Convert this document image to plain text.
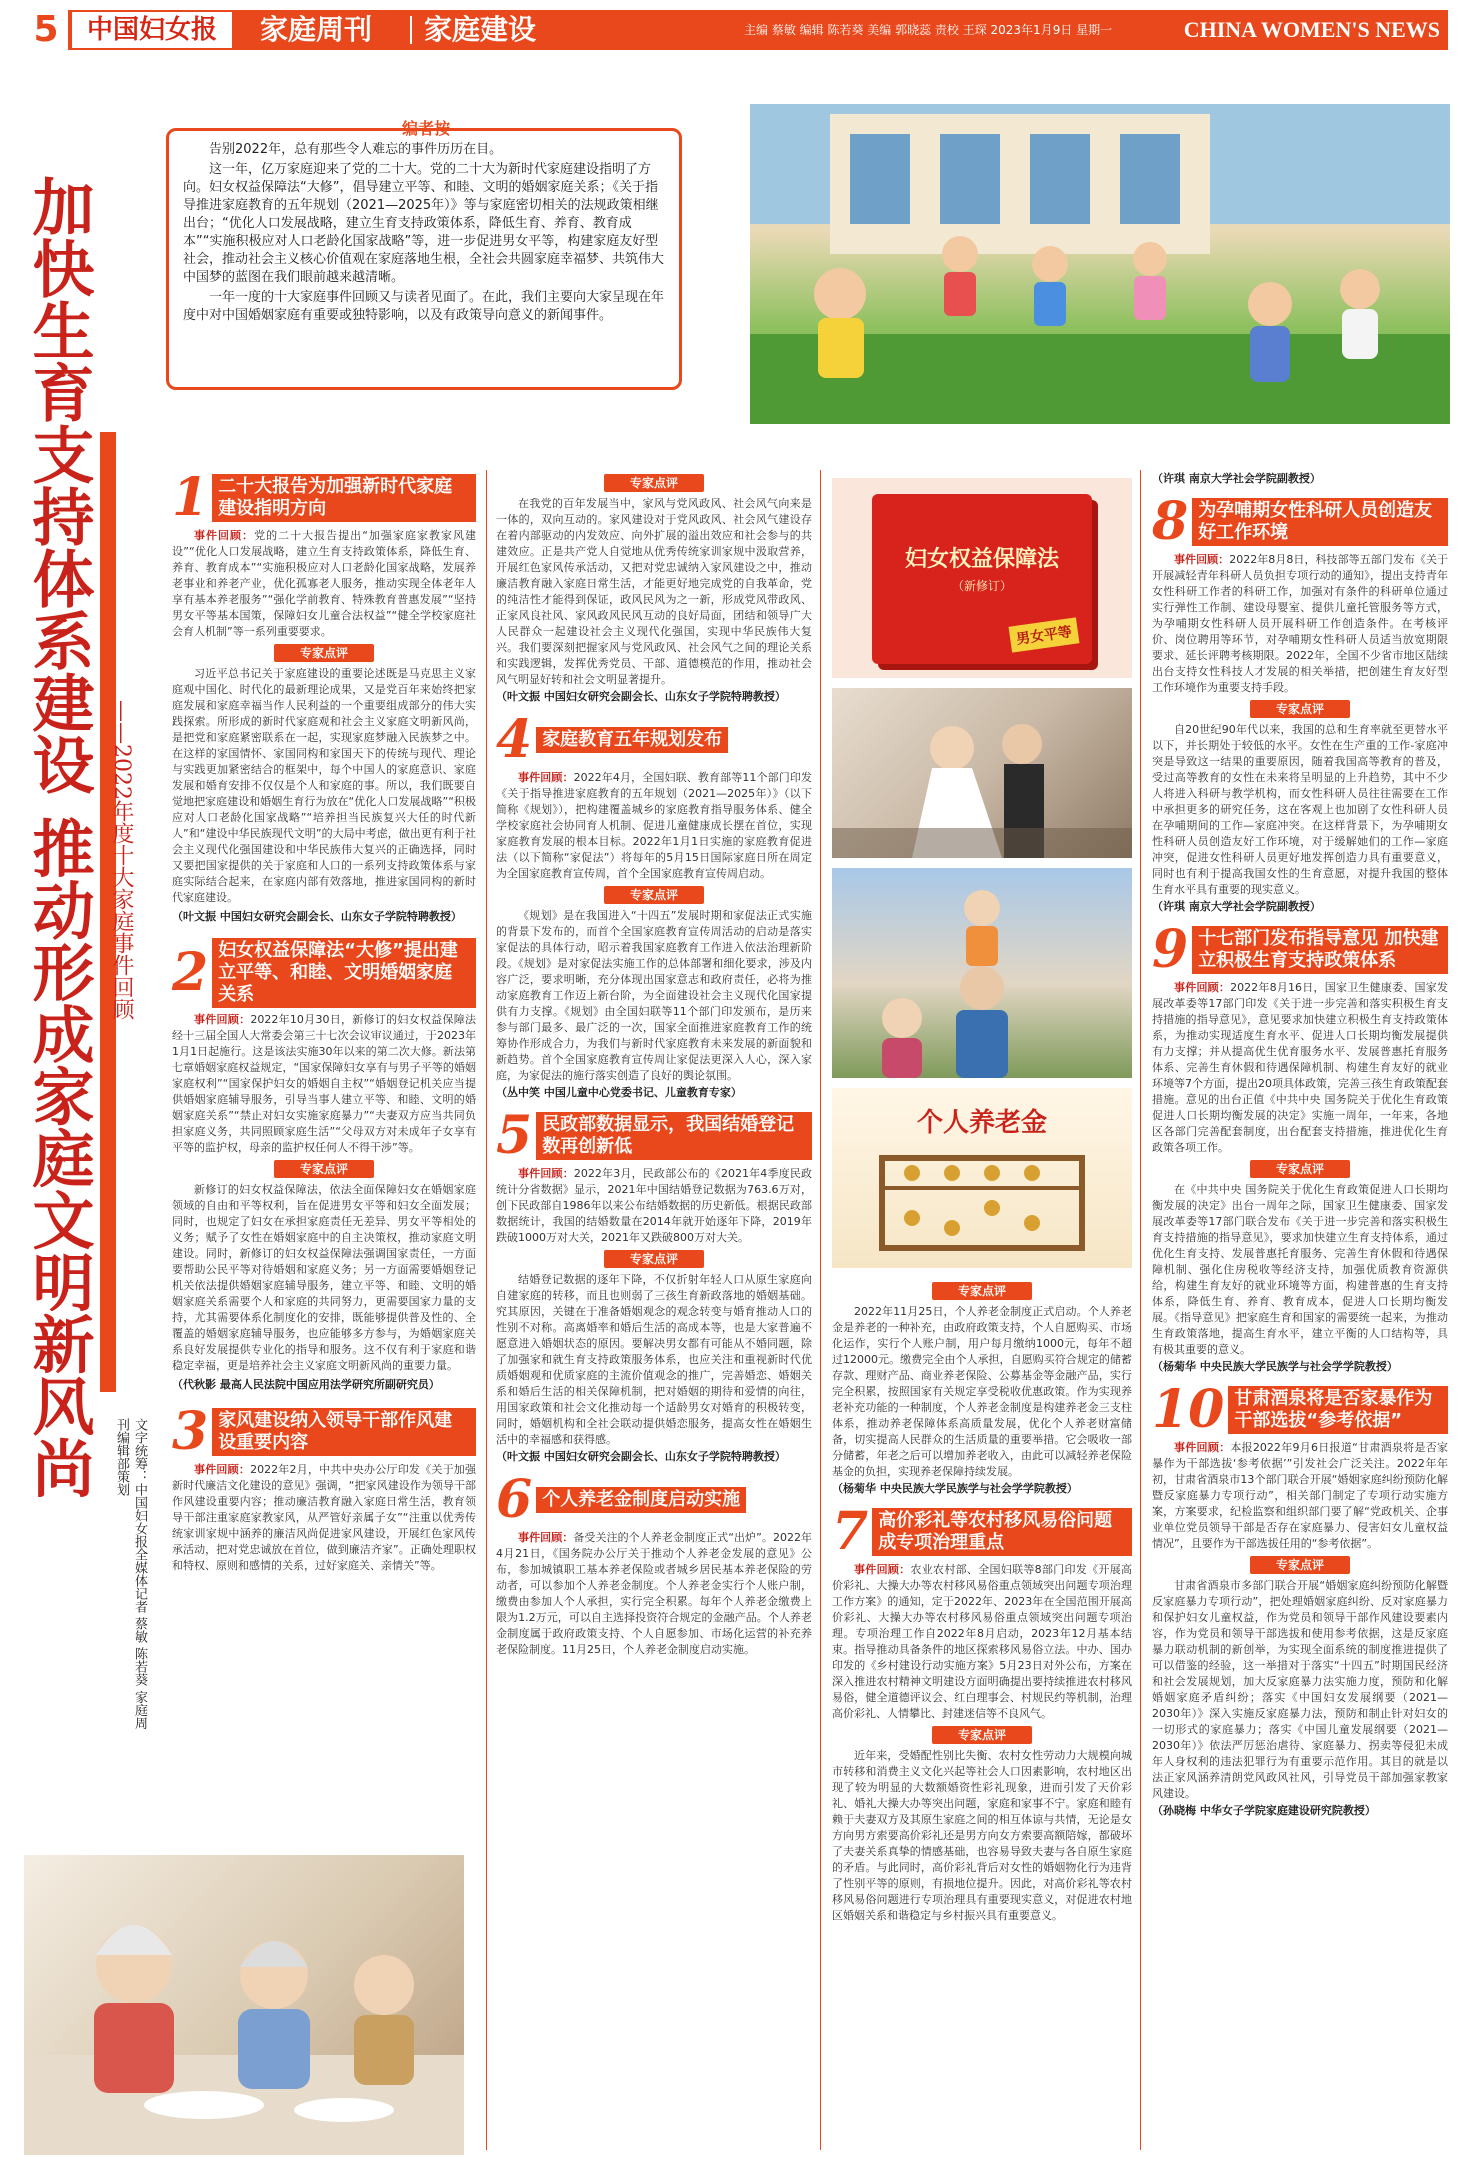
5	中国妇女报	家庭周刊 家庭建设	主编 蔡敏 编辑 陈若葵 美编 郭晓蕊 责校 王琛 2023年1月9日 星期一	CHINA WOMEN'S NEWS
编者按

告别2022年，总有那些令人难忘的事件历历在目。

这一年，亿万家庭迎来了党的二十大。党的二十大为新时代家庭建设指明了方向。妇女权益保障法“大修”，倡导建立平等、和睦、文明的婚姻家庭关系；《关于指导推进家庭教育的五年规划（2021—2025年）》等与家庭密切相关的法规政策相继出台；“优化人口发展战略，建立生育支持政策体系，降低生育、养育、教育成本”“实施积极应对人口老龄化国家战略”等，进一步促进男女平等，构建家庭友好型社会，推动社会主义核心价值观在家庭落地生根，全社会共圆家庭幸福梦、共筑伟大中国梦的蓝图在我们眼前越来越清晰。

一年一度的十大家庭事件回顾又与读者见面了。在此，我们主要向大家呈现在年度中对中国婚姻家庭有重要或独特影响，以及有政策导向意义的新闻事件。

加快生育支持体系建设 推动形成家庭文明新风尚 ——2022年度十大家庭事件回顾
文字统筹：中国妇女报全媒体记者 蔡敏 陈若葵 家庭周刊编辑部策划
1 二十大报告为加强新时代家庭建设指明方向

事件回顾：党的二十大报告提出“加强家庭家教家风建设”“优化人口发展战略，建立生育支持政策体系，降低生育、养育、教育成本”“实施积极应对人口老龄化国家战略，发展养老事业和养老产业，优化孤寡老人服务，推动实现全体老年人享有基本养老服务”“强化学前教育、特殊教育普惠发展”“坚持男女平等基本国策，保障妇女儿童合法权益”“健全学校家庭社会育人机制”等一系列重要要求。

专家点评

习近平总书记关于家庭建设的重要论述既是马克思主义家庭观中国化、时代化的最新理论成果，又是党百年来始终把家庭发展和家庭幸福当作人民利益的一个重要组成部分的伟大实践探索。所形成的新时代家庭观和社会主义家庭文明新风尚，是把党和家庭紧密联系在一起，实现家庭梦融入民族梦之中。在这样的家国情怀、家国同构和家国天下的传统与现代、理论与实践更加紧密结合的框架中，每个中国人的家庭意识、家庭发展和婚育安排不仅仅是个人和家庭的事。所以，我们既要自觉地把家庭建设和婚姻生育行为放在“优化人口发展战略”“积极应对人口老龄化国家战略”“培养担当民族复兴大任的时代新人”和“建设中华民族现代文明”的大局中考虑，做出更有利于社会主义现代化强国建设和中华民族伟大复兴的正确选择，同时又要把国家提供的关于家庭和人口的一系列支持政策体系与家庭实际结合起来，在家庭内部有效落地，推进家国同构的新时代家庭建设。

（叶文振 中国妇女研究会副会长、山东女子学院特聘教授）
2 妇女权益保障法“大修”提出建立平等、和睦、文明婚姻家庭关系

事件回顾：2022年10月30日，新修订的妇女权益保障法经十三届全国人大常委会第三十七次会议审议通过，于2023年1月1日起施行。这是该法实施30年以来的第二次大修。新法第七章婚姻家庭权益规定，“国家保障妇女享有与男子平等的婚姻家庭权利”“国家保护妇女的婚姻自主权”“婚姻登记机关应当提供婚姻家庭辅导服务，引导当事人建立平等、和睦、文明的婚姻家庭关系”“禁止对妇女实施家庭暴力”“夫妻双方应当共同负担家庭义务，共同照顾家庭生活”“父母双方对未成年子女享有平等的监护权，母亲的监护权任何人不得干涉”等。

专家点评

新修订的妇女权益保障法，依法全面保障妇女在婚姻家庭领域的自由和平等权利，旨在促进男女平等和妇女全面发展；同时，也规定了妇女在承担家庭责任无差异、男女平等相处的义务；赋予了女性在婚姻家庭中的自主决策权，推动家庭文明建设。同时，新修订的妇女权益保障法强调国家责任，一方面要帮助公民平等对待婚姻和家庭义务；另一方面需要婚姻登记机关依法提供婚姻家庭辅导服务，建立平等、和睦、文明的婚姻家庭关系需要个人和家庭的共同努力，更需要国家力量的支持，尤其需要体系化制度化的安排，既能够提供普及性的、全覆盖的婚姻家庭辅导服务，也应能够多方参与，为婚姻家庭关系良好发展提供专业化的指导和服务。这不仅有利于家庭和谐稳定幸福，更是培养社会主义家庭文明新风尚的重要力量。

（代秋影 最高人民法院中国应用法学研究所副研究员）
3 家风建设纳入领导干部作风建设重要内容

事件回顾：2022年2月，中共中央办公厅印发《关于加强新时代廉洁文化建设的意见》强调，“把家风建设作为领导干部作风建设重要内容；推动廉洁教育融入家庭日常生活，教育领导干部注重家庭家教家风，从严管好亲属子女”“注重以优秀传统家训家规中涵养的廉洁风尚促进家风建设，开展红色家风传承活动，把对党忠诚放在首位，做到廉洁齐家”。正确处理职权和特权、原则和感情的关系，过好家庭关、亲情关”等。

专家点评

在我党的百年发展当中，家风与党风政风、社会风气向来是一体的，双向互动的。家风建设对于党风政风、社会风气建设存在着内部驱动的内发效应、向外扩展的溢出效应和社会参与的共建效应。正是共产党人自觉地从优秀传统家训家规中汲取营养，开展红色家风传承活动，又把对党忠诚纳入家风建设之中，推动廉洁教育融入家庭日常生活，才能更好地完成党的自我革命，党的纯洁性才能得到保证，政风民风为之一新，形成党风带政风、正家风良社风、家风政风民风互动的良好局面，团结和领导广大人民群众一起建设社会主义现代化强国，实现中华民族伟大复兴。我们要深刻把握家风与党风政风、社会风气之间的理论关系和实践逻辑，发挥优秀党员、干部、道德模范的作用，推动社会风气明显好转和社会文明显著提升。

（叶文振 中国妇女研究会副会长、山东女子学院特聘教授）
4 家庭教育五年规划发布

事件回顾：2022年4月，全国妇联、教育部等11个部门印发《关于指导推进家庭教育的五年规划（2021—2025年）》（以下简称《规划》），把构建覆盖城乡的家庭教育指导服务体系、健全学校家庭社会协同育人机制、促进儿童健康成长摆在首位，实现家庭教育发展的根本目标。2022年1月1日实施的家庭教育促进法（以下简称“家促法”）将每年的5月15日国际家庭日所在周定为全国家庭教育宣传周，首个全国家庭教育宣传周启动。

专家点评

《规划》是在我国进入“十四五”发展时期和家促法正式实施的背景下发布的，而首个全国家庭教育宣传周活动的启动是落实家促法的具体行动，昭示着我国家庭教育工作进入依法治理新阶段。《规划》是对家促法实施工作的总体部署和细化要求，涉及内容广泛，要求明晰，充分体现出国家意志和政府责任，必将为推动家庭教育工作迈上新台阶，为全面建设社会主义现代化国家提供有力支撑。《规划》由全国妇联等11个部门印发颁布，是历来参与部门最多、最广泛的一次，国家全面推进家庭教育工作的统筹协作形成合力，为我们与新时代家庭教育未来发展的新面貌和新趋势。首个全国家庭教育宣传周让家促法更深入人心，深入家庭，为家促法的施行落实创造了良好的舆论氛围。

（丛中笑 中国儿童中心党委书记、儿童教育专家）
5 民政部数据显示，我国结婚登记数再创新低

事件回顾：2022年3月，民政部公布的《2021年4季度民政统计分省数据》显示，2021年中国结婚登记数据为763.6万对，创下民政部自1986年以来公布结婚数据的历史新低。根据民政部数据统计，我国的结婚数量在2014年就开始逐年下降，2019年跌破1000万对大关，2021年又跌破800万对大关。

专家点评

结婚登记数据的逐年下降，不仅折射年轻人口从原生家庭向自建家庭的转移，而且也则弱了三孩生育新政落地的婚姻基础。究其原因，关键在于准备婚姻观念的观念转变与婚育推动人口的性别不对称。高离婚率和婚后生活的高成本等，也是大家普遍不愿意进入婚姻状态的原因。要解决男女都有可能从不婚同题，除了加强家和就生育支持政策服务体系，也应关注和重视新时代优质婚姻观和优质家庭的主流价值观念的推广，完善婚恋、婚姻关系和婚后生活的相关保障机制，把对婚姻的期待和爱情的向往，用国家政策和社会文化推动每一个适龄男女对婚育的积极转变，同时，婚姻机构和全社会联动提供婚恋服务，提高女性在婚姻生活中的幸福感和获得感。

（叶文振 中国妇女研究会副会长、山东女子学院特聘教授）
6 个人养老金制度启动实施

事件回顾：备受关注的个人养老金制度正式“出炉”。2022年4月21日，《国务院办公厅关于推动个人养老金发展的意见》公布，参加城镇职工基本养老保险或者城乡居民基本养老保险的劳动者，可以参加个人养老金制度。个人养老金实行个人账户制，缴费由参加人个人承担，实行完全积累。每年个人养老金缴费上限为1.2万元，可以自主选择投资符合规定的金融产品。个人养老金制度属于政府政策支持、个人自愿参加、市场化运营的补充养老保险制度。11月25日，个人养老金制度启动实施。

妇女权益保障法
（新修订）
男女平等
个人养老金
专家点评

2022年11月25日，个人养老金制度正式启动。个人养老金是养老的一种补充，由政府政策支持，个人自愿购买、市场化运作，实行个人账户制，用户每月缴纳1000元，每年不超过12000元。缴费完全由个人承担，自愿购买符合规定的储蓄存款、理财产品、商业养老保险、公募基金等金融产品，实行完全积累，按照国家有关规定享受税收优惠政策。作为实现养老补充功能的一种制度，个人养老金制度是构建养老金三支柱体系，推动养老保障体系高质量发展，优化个人养老财富储备，切实提高人民群众的生活质量的重要举措。它会吸收一部分储蓄，年老之后可以增加养老收入，由此可以减轻养老保险基金的负担，实现养老保障持续发展。

（杨菊华 中央民族大学民族学与社会学学院教授）
7 高价彩礼等农村移风易俗问题成专项治理重点

事件回顾：农业农村部、全国妇联等8部门印发《开展高价彩礼、大操大办等农村移风易俗重点领域突出问题专项治理工作方案》的通知，定于2022年、2023年在全国范围开展高价彩礼、大操大办等农村移风易俗重点领域突出问题专项治理。专项治理工作自2022年8月启动，2023年12月基本结束。指导推动具备条件的地区探索移风易俗立法。中办、国办印发的《乡村建设行动实施方案》5月23日对外公布，方案在深入推进农村精神文明建设方面明确提出要持续推进农村移风易俗，健全道德评议会、红白理事会、村规民约等机制，治理高价彩礼、人情攀比、封建迷信等不良风气。

专家点评

近年来，受婚配性别比失衡、农村女性劳动力大规模向城市转移和消费主义文化兴起等社会人口因素影响，农村地区出现了较为明显的大数额婚资性彩礼现象，进而引发了天价彩礼、婚礼大操大办等突出问题，家庭和家事不宁。家庭和睦有赖于夫妻双方及其原生家庭之间的相互体谅与共情，无论是女方向男方索要高价彩礼还是男方向女方索要高额陪嫁，都破坏了夫妻关系真挚的情感基础，也容易导致夫妻与各自原生家庭的矛盾。与此同时，高价彩礼背后对女性的婚姻物化行为违背了性别平等的原则，有损地位提升。因此，对高价彩礼等农村移风易俗问题进行专项治理具有重要现实意义，对促进农村地区婚姻关系和谐稳定与乡村振兴具有重要意义。

（许琪 南京大学社会学院副教授）
8 为孕哺期女性科研人员创造友好工作环境

事件回顾：2022年8月8日，科技部等五部门发布《关于开展减轻青年科研人员负担专项行动的通知》，提出支持青年女性科研工作者的科研工作，加强对有条件的科研单位通过实行弹性工作制、建设母婴室、提供儿童托管服务等方式，为孕哺期女性科研人员开展科研工作创造条件。在考核评价、岗位聘用等环节，对孕哺期女性科研人员适当放宽期限要求、延长评聘考核期限。2022年，全国不少省市地区陆续出台支持女性科技人才发展的相关举措，把创建生育友好型工作环境作为重要支持手段。

专家点评

自20世纪90年代以来，我国的总和生育率就至更替水平以下，并长期处于较低的水平。女性在生产重的工作-家庭冲突是导致这一结果的重要原因，随着我国高等教育的普及，受过高等教育的女性在未来将呈明显的上升趋势，其中不少人将进入科研与教学机构，而女性科研人员往往需要在工作中承担更多的研究任务，这在客观上也加剧了女性科研人员在孕哺期间的工作—家庭冲突。在这样背景下，为孕哺期女性科研人员创造友好工作环境，对于缓解她们的工作—家庭冲突，促进女性科研人员更好地发挥创造力具有重要意义，同时也有利于提高我国女性的生育意愿，对提升我国的整体生育水平具有重要的现实意义。

（许琪 南京大学社会学院副教授）
9 十七部门发布指导意见 加快建立积极生育支持政策体系

事件回顾：2022年8月16日，国家卫生健康委、国家发展改革委等17部门印发《关于进一步完善和落实积极生育支持措施的指导意见》，意见要求加快建立积极生育支持政策体系，为推动实现适度生育水平、促进人口长期均衡发展提供有力支撑；并从提高优生优育服务水平、发展普惠托育服务体系、完善生育休假和待遇保障机制、构建生育友好的就业环境等7个方面，提出20项具体政策，完善三孩生育政策配套措施。意见的出台正值《中共中央 国务院关于优化生育政策促进人口长期均衡发展的决定》实施一周年，一年来，各地区各部门完善配套制度，出台配套支持措施，推进优化生育政策各项工作。

专家点评

在《中共中央 国务院关于优化生育政策促进人口长期均衡发展的决定》出台一周年之际，国家卫生健康委、国家发展改革委等17部门联合发布《关于进一步完善和落实积极生育支持措施的指导意见》，要求加快建立生育支持体系，通过优化生育支持、发展普惠托育服务、完善生育休假和待遇保障机制、强化住房税收等经济支持，加强优质教育资源供给，构建生育友好的就业环境等方面，构建普惠的生育支持体系，降低生育、养育、教育成本，促进人口长期均衡发展。《指导意见》把家庭生育和国家的需要统一起来，为推动生育政策落地，提高生育水平，建立平衡的人口结构等，具有极其重要的意义。

（杨菊华 中央民族大学民族学与社会学学院教授）
10 甘肃酒泉将是否家暴作为干部选拔“参考依据”

事件回顾：本报2022年9月6日报道“甘肃酒泉将是否家暴作为干部选拔‘参考依据’”引发社会广泛关注。2022年年初，甘肃省酒泉市13个部门联合开展“婚姻家庭纠纷预防化解暨反家庭暴力专项行动”，相关部门制定了专项行动实施方案，方案要求，纪检监察和组织部门要了解“党政机关、企事业单位党员领导干部是否存在家庭暴力、侵害妇女儿童权益情况”，且要作为干部选拔任用的“参考依据”。

专家点评

甘肃省酒泉市多部门联合开展“婚姻家庭纠纷预防化解暨反家庭暴力专项行动”，把处理婚姻家庭纠纷、反对家庭暴力和保护妇女儿童权益，作为党员和领导干部作风建设要素内容，作为党员和领导干部选拔和使用参考依据，这是反家庭暴力联动机制的新创举，为实现全面系统的制度推进提供了可以借鉴的经验，这一举措对于落实“十四五”时期国民经济和社会发展规划，加大反家庭暴力法实施力度，预防和化解婚姻家庭矛盾纠纷；落实《中国妇女发展纲要（2021—2030年）》深入实施反家庭暴力法，预防和制止针对妇女的一切形式的家庭暴力；落实《中国儿童发展纲要（2021—2030年）》依法严厉惩治虐待、家庭暴力、拐卖等侵犯未成年人身权利的违法犯罪行为有重要示范作用。其目的就是以法正家风涵养清朗党风政风社风，引导党员干部加强家教家风建设。

（孙晓梅 中华女子学院家庭建设研究院教授）
